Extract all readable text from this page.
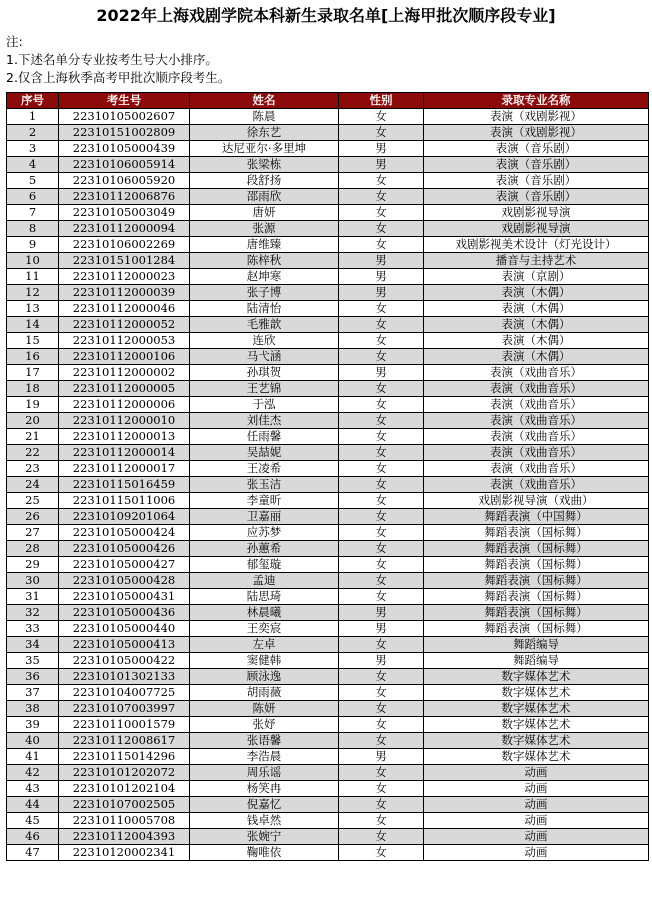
2022年上海戏剧学院本科新生录取名单[上海甲批次顺序段专业]
注:
1.下述名单分专业按考生号大小排序。
2.仅含上海秋季高考甲批次顺序段考生。
序号	考生号	姓名	性别	录取专业名称
1	22310105002607	陈晨	女	表演（戏剧影视）
2	22310151002809	徐东艺	女	表演（戏剧影视）
3	22310105000439	达尼亚尔·多里坤	男	表演（音乐剧）
4	22310106005914	张梁栋	男	表演（音乐剧）
5	22310106005920	段舒扬	女	表演（音乐剧）
6	22310112006876	邵雨欣	女	表演（音乐剧）
7	22310105003049	唐妍	女	戏剧影视导演
8	22310112000094	张源	女	戏剧影视导演
9	22310106002269	唐维臻	女	戏剧影视美术设计（灯光设计）
10	22310151001284	陈梓秋	男	播音与主持艺术
11	22310112000023	赵坤寒	男	表演（京剧）
12	22310112000039	张子博	男	表演（木偶）
13	22310112000046	陆清怡	女	表演（木偶）
14	22310112000052	毛雅歆	女	表演（木偶）
15	22310112000053	连欣	女	表演（木偶）
16	22310112000106	马弋涵	女	表演（木偶）
17	22310112000002	孙琪贺	男	表演（戏曲音乐）
18	22310112000005	王艺锦	女	表演（戏曲音乐）
19	22310112000006	于泓	女	表演（戏曲音乐）
20	22310112000010	刘佳杰	女	表演（戏曲音乐）
21	22310112000013	任雨馨	女	表演（戏曲音乐）
22	22310112000014	吴喆妮	女	表演（戏曲音乐）
23	22310112000017	王凌希	女	表演（戏曲音乐）
24	22310115016459	张玉洁	女	表演（戏曲音乐）
25	22310115011006	李童昕	女	戏剧影视导演（戏曲）
26	22310109201064	卫嘉丽	女	舞蹈表演（中国舞）
27	22310105000424	应苏梦	女	舞蹈表演（国标舞）
28	22310105000426	孙蕙希	女	舞蹈表演（国标舞）
29	22310105000427	郁玺璇	女	舞蹈表演（国标舞）
30	22310105000428	孟迪	女	舞蹈表演（国标舞）
31	22310105000431	陆思琦	女	舞蹈表演（国标舞）
32	22310105000436	林晨曦	男	舞蹈表演（国标舞）
33	22310105000440	王奕宸	男	舞蹈表演（国标舞）
34	22310105000413	左卓	女	舞蹈编导
35	22310105000422	窦健韩	男	舞蹈编导
36	22310101302133	顾泳逸	女	数字媒体艺术
37	22310104007725	胡雨薇	女	数字媒体艺术
38	22310107003997	陈妍	女	数字媒体艺术
39	22310110001579	张妤	女	数字媒体艺术
40	22310112008617	张语馨	女	数字媒体艺术
41	22310115014296	李浩晨	男	数字媒体艺术
42	22310101202072	周乐谣	女	动画
43	22310101202104	杨笑冉	女	动画
44	22310107002505	倪嘉忆	女	动画
45	22310110005708	钱卓然	女	动画
46	22310112004393	张婉宁	女	动画
47	22310120002341	鞠唯依	女	动画
